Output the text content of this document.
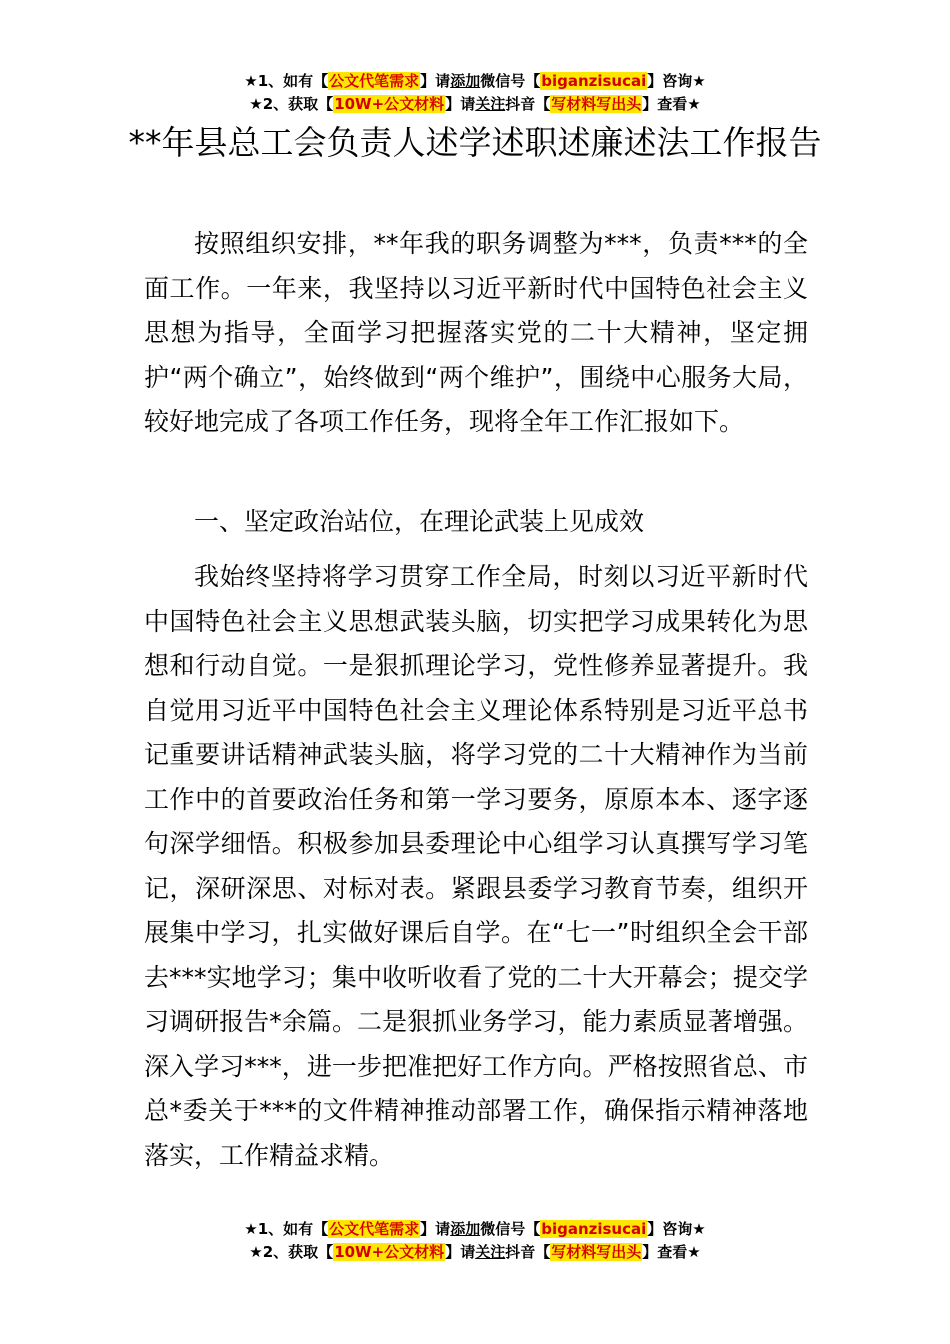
★1、如有【公文代笔需求】请添加微信号【biganzisucai】咨询★
★2、获取【10W+公文材料】请关注抖音【写材料写出头】查看★
**年县总工会负责人述学述职述廉述法工作报告

按照组织安排，**年我的职务调整为***，负责***的全面工作。一年来，我坚持以习近平新时代中国特色社会主义思想为指导，全面学习把握落实党的二十大精神，坚定拥护“两个确立”，始终做到“两个维护”，围绕中心服务大局，较好地完成了各项工作任务，现将全年工作汇报如下。

一、坚定政治站位，在理论武装上见成效

我始终坚持将学习贯穿工作全局，时刻以习近平新时代中国特色社会主义思想武装头脑，切实把学习成果转化为思想和行动自觉。一是狠抓理论学习，党性修养显著提升。我自觉用习近平中国特色社会主义理论体系特别是习近平总书记重要讲话精神武装头脑，将学习党的二十大精神作为当前工作中的首要政治任务和第一学习要务，原原本本、逐字逐句深学细悟。积极参加县委理论中心组学习认真撰写学习笔记，深研深思、对标对表。紧跟县委学习教育节奏，组织开展集中学习，扎实做好课后自学。在“七一”时组织全会干部去***实地学习；集中收听收看了党的二十大开幕会；提交学习调研报告*余篇。二是狠抓业务学习，能力素质显著增强。深入学习***，进一步把准把好工作方向。严格按照省总、市总*委关于***的文件精神推动部署工作，确保指示精神落地落实，工作精益求精。

★1、如有【公文代笔需求】请添加微信号【biganzisucai】咨询★
★2、获取【10W+公文材料】请关注抖音【写材料写出头】查看★
